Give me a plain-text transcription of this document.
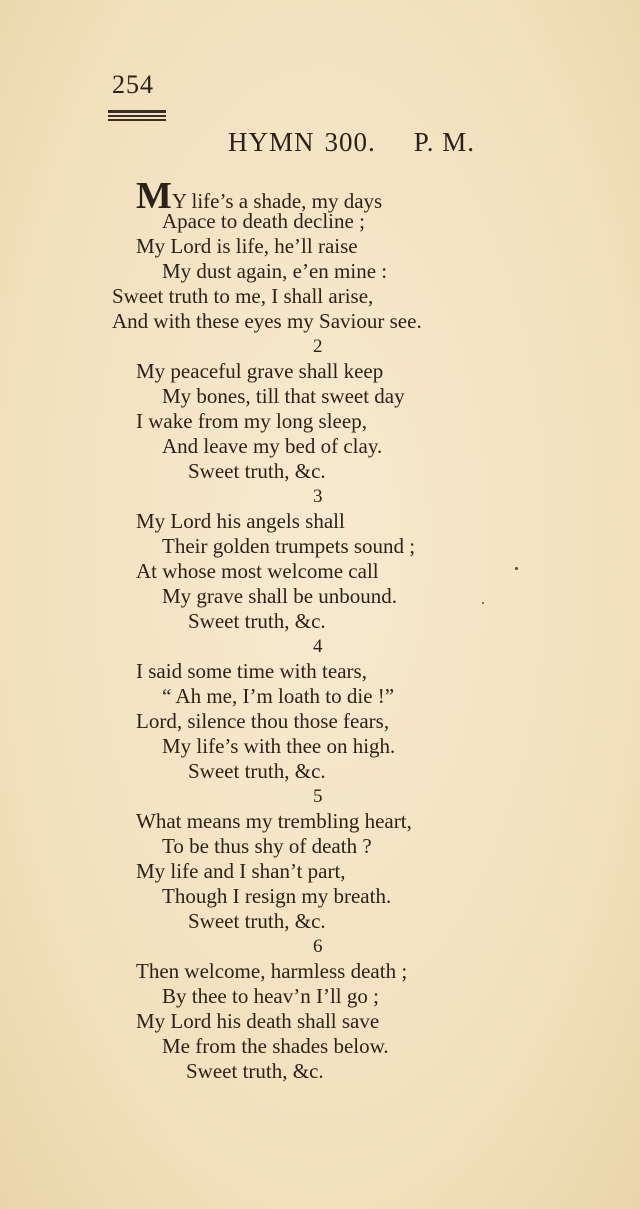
254
HYMN 300. P. M.
MY life’s a shade, my days
Apace to death decline ;
My Lord is life, he’ll raise
My dust again, e’en mine :
Sweet truth to me, I shall arise,
And with these eyes my Saviour see.
2
My peaceful grave shall keep
My bones, till that sweet day
I wake from my long sleep,
And leave my bed of clay.
Sweet truth, &c.
3
My Lord his angels shall
Their golden trumpets sound ;
At whose most welcome call
My grave shall be unbound.
Sweet truth, &c.
4
I said some time with tears,
“ Ah me, I’m loath to die !”
Lord, silence thou those fears,
My life’s with thee on high.
Sweet truth, &c.
5
What means my trembling heart,
To be thus shy of death ?
My life and I shan’t part,
Though I resign my breath.
Sweet truth, &c.
6
Then welcome, harmless death ;
By thee to heav’n I’ll go ;
My Lord his death shall save
Me from the shades below.
Sweet truth, &c.
